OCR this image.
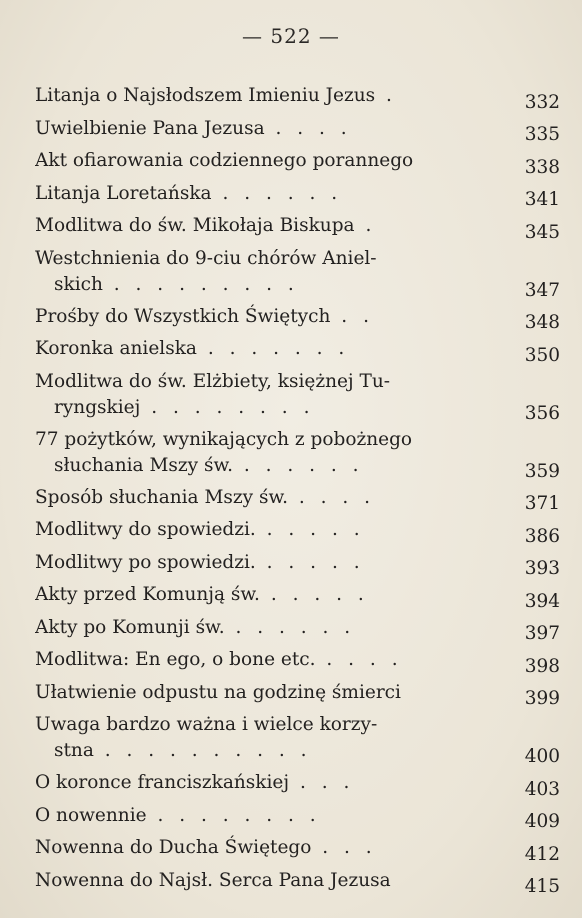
— 522 —
Litanja o Najsłodszem Imieniu Jezus .	332
Uwielbienie Pana Jezusa . . . .	335
Akt ofiarowania codziennego porannego	338
Litanja Loretańska . . . . . .	341
Modlitwa do św. Mikołaja Biskupa .	345
Westchnienia do 9-ciu chórów Aniel-
skich . . . . . . . . .	347
Prośby do Wszystkich Świętych . .	348
Koronka anielska . . . . . . .	350
Modlitwa do św. Elżbiety, księżnej Tu-
ryngskiej . . . . . . . .	356
77 pożytków, wynikających z pobożnego
słuchania Mszy św. . . . . . .	359
Sposób słuchania Mszy św. . . . .	371
Modlitwy do spowiedzi. . . . . .	386
Modlitwy po spowiedzi. . . . . .	393
Akty przed Komunją św. . . . . .	394
Akty po Komunji św. . . . . . .	397
Modlitwa: En ego, o bone etc. . . . .	398
Ułatwienie odpustu na godzinę śmierci	399
Uwaga bardzo ważna i wielce korzy-
stna . . . . . . . . . .	400
O koronce franciszkańskiej . . .	403
O nowennie . . . . . . . .	409
Nowenna do Ducha Świętego . . .	412
Nowenna do Najsł. Serca Pana Jezusa	415
